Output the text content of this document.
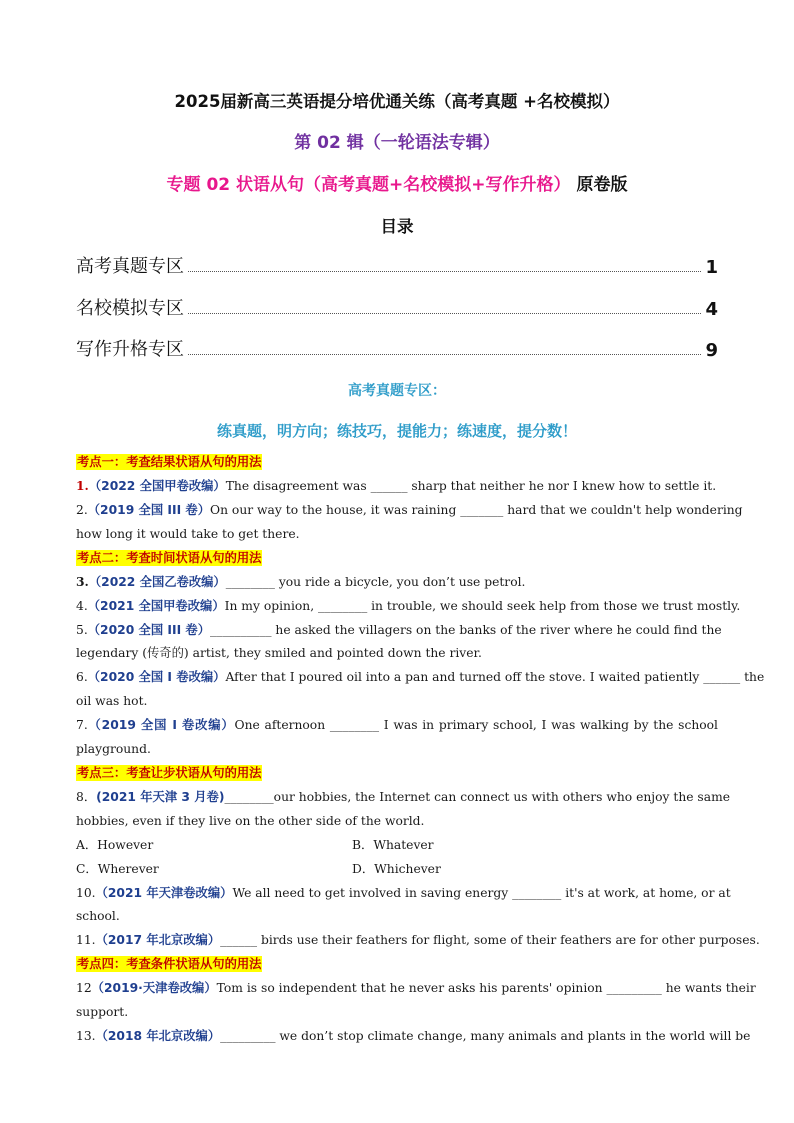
2025届新高三英语提分培优通关练（高考真题 +名校模拟）
第 02 辑（一轮语法专辑）
专题 02 状语从句（高考真题+名校模拟+写作升格） 原卷版
目录
高考真题专区	1
名校模拟专区	4
写作升格专区	9
高考真题专区：
练真题，明方向；练技巧，提能力；练速度，提分数！
考点一：考查结果状语从句的用法
1.（2022 全国甲卷改编）The disagreement was ______ sharp that neither he nor I knew how to settle it.
2.（2019 全国 III 卷）On our way to the house, it was raining _______ hard that we couldn't help wondering
how long it would take to get there.
考点二：考查时间状语从句的用法
3.（2022 全国乙卷改编）________ you ride a bicycle, you don’t use petrol.
4.（2021 全国甲卷改编）In my opinion, ________ in trouble, we should seek help from those we trust mostly.
5.（2020 全国 III 卷）__________ he asked the villagers on the banks of the river where he could find the
legendary (传奇的) artist, they smiled and pointed down the river.
6.（2020 全国 I 卷改编）After that I poured oil into a pan and turned off the stove. I waited patiently ______ the
oil was hot.
7.（2019 全国 I 卷改编）One afternoon ________ I was in primary school, I was walking by the school
playground.
考点三：考查让步状语从句的用法
8．(2021 年天津 3 月卷)________our hobbies, the Internet can connect us with others who enjoy the same
hobbies, even if they live on the other side of the world.
A．However	B．Whatever
C．Wherever	D．Whichever
10.（2021 年天津卷改编）We all need to get involved in saving energy ________ it's at work, at home, or at
school.
11.（2017 年北京改编）______ birds use their feathers for flight, some of their feathers are for other purposes.
考点四：考查条件状语从句的用法
12（2019·天津卷改编）Tom is so independent that he never asks his parents' opinion _________ he wants their
support.
13.（2018 年北京改编）_________ we don’t stop climate change, many animals and plants in the world will be
